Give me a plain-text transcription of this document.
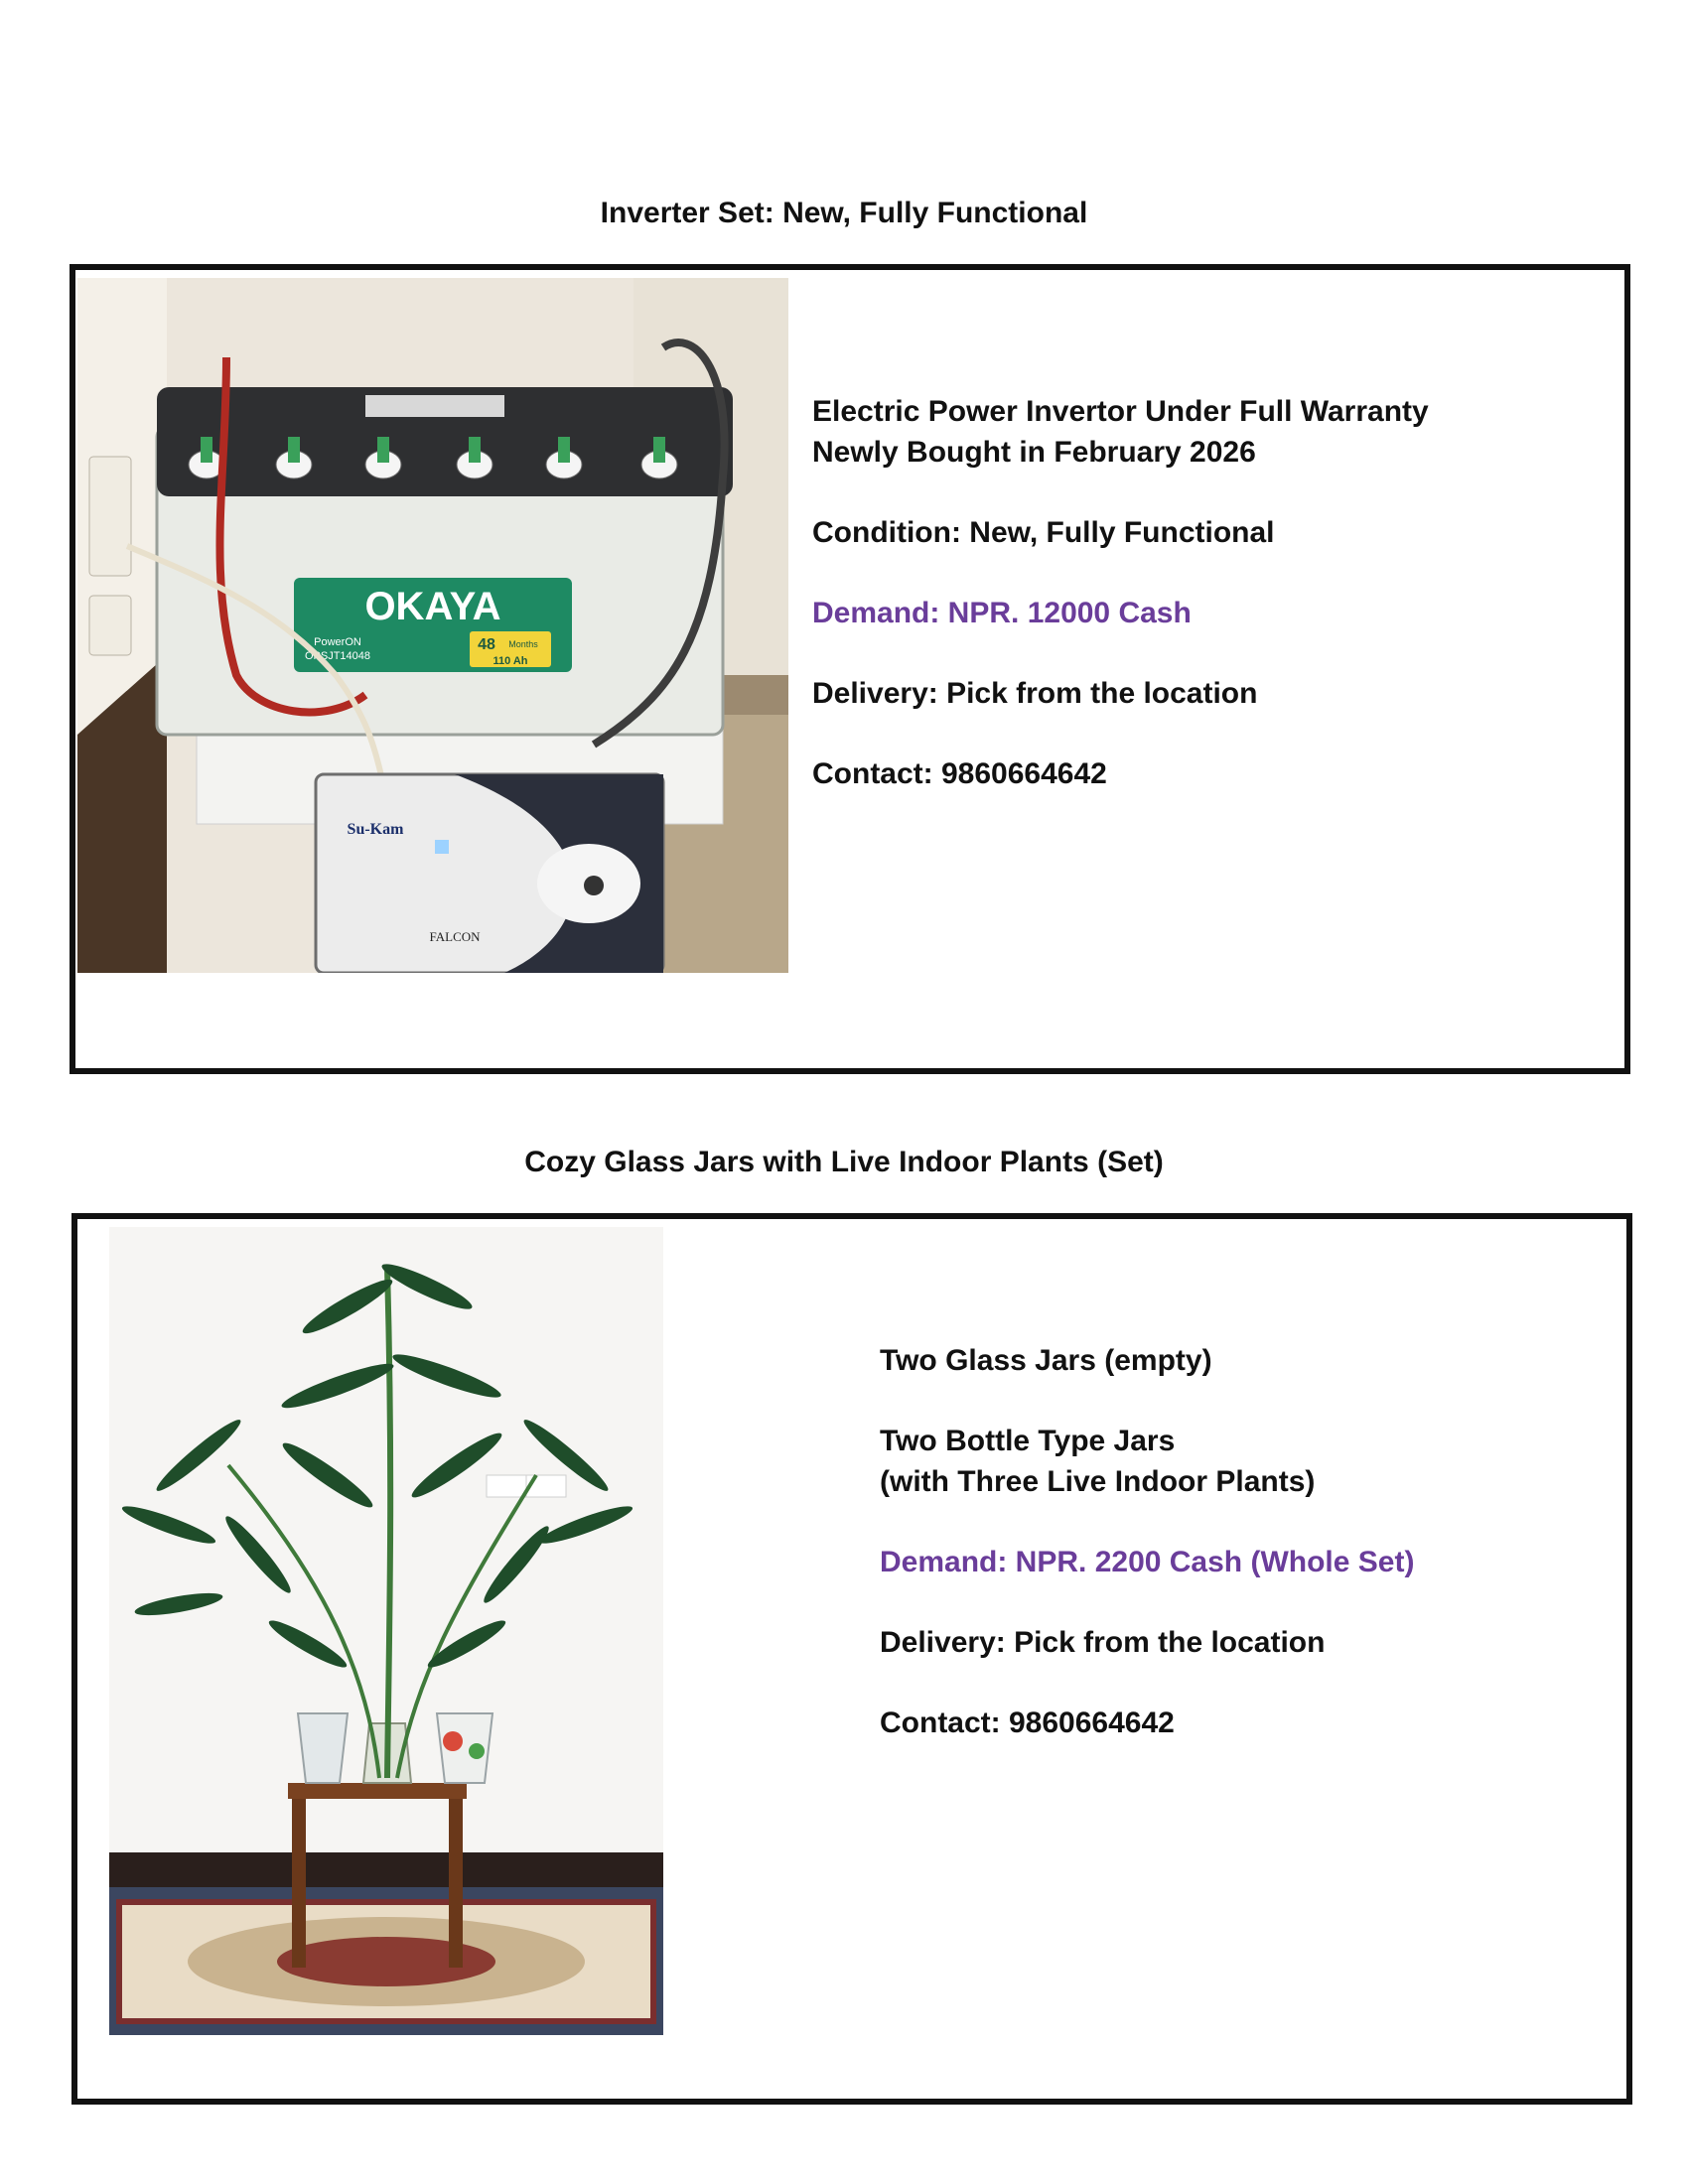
Inverter Set: New, Fully Functional
OKAYA
PowerON
OPSJT14048
48 Months
110 Ah
Su-Kam
FALCON

Electric Power Invertor Under Full Warranty
Newly Bought in February 2026

Condition: New, Fully Functional

Demand: NPR. 12000 Cash

Delivery: Pick from the location

Contact: 9860664642

Cozy Glass Jars with Live Indoor Plants (Set)

Two Glass Jars (empty)

Two Bottle Type Jars
(with Three Live Indoor Plants)

Demand: NPR. 2200 Cash (Whole Set)

Delivery: Pick from the location

Contact: 9860664642
